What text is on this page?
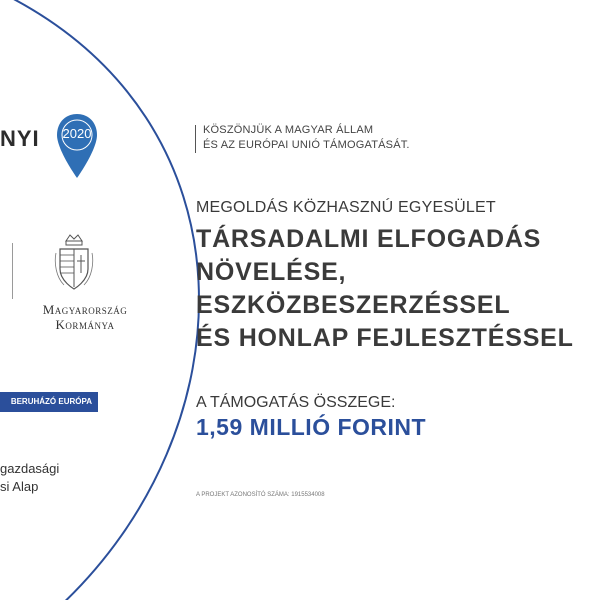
NYI 2020
Magyarország
Kormánya
BERUHÁZÓ EURÓPA
gazdasági
si Alap
KÖSZÖNJÜK A MAGYAR ÁLLAM
ÉS AZ EURÓPAI UNIÓ TÁMOGATÁSÁT.
MEGOLDÁS KÖZHASZNÚ EGYESÜLET
TÁRSADALMI ELFOGADÁS
NÖVELÉSE,
ESZKÖZBESZERZÉSSEL
ÉS HONLAP FEJLESZTÉSSEL
A TÁMOGATÁS ÖSSZEGE:
1,59 MILLIÓ FORINT
A PROJEKT AZONOSÍTÓ SZÁMA: 1915534008
